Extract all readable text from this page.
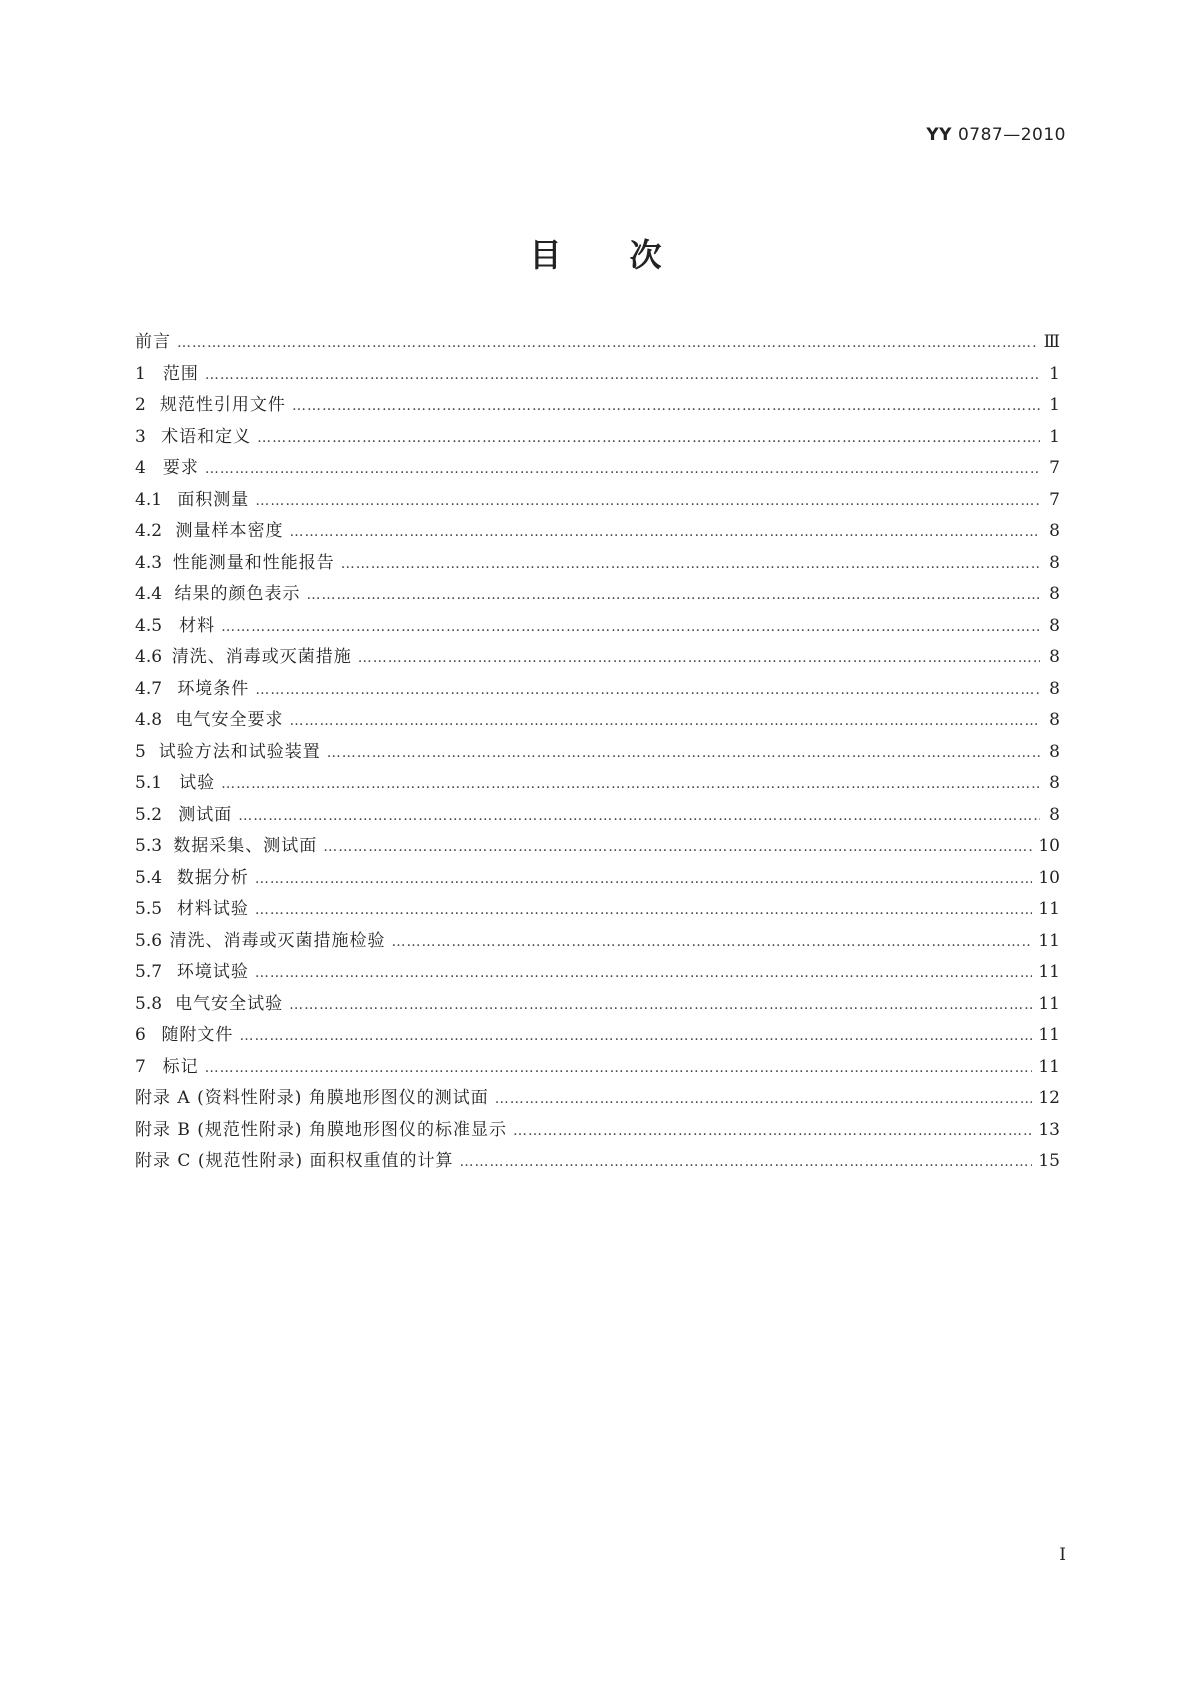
YY 0787—2010
目 次
前言 ……………………………………………………………………………………………………………………………………………………………………………………	Ⅲ
1	范围 ……………………………………………………………………………………………………………………………………………………………………………………	1
2 规范性引用文件 ……………………………………………………………………………………………………………………………………………………………………………………	1
3 术语和定义 ……………………………………………………………………………………………………………………………………………………………………………………	1
4	要求 ……………………………………………………………………………………………………………………………………………………………………………………	7
4.1 面积测量 ……………………………………………………………………………………………………………………………………………………………………………………	7
4.2 测量样本密度 ……………………………………………………………………………………………………………………………………………………………………………………	8
4.3 性能测量和性能报告 ……………………………………………………………………………………………………………………………………………………………………………………	8
4.4 结果的颜色表示 ……………………………………………………………………………………………………………………………………………………………………………………	8
4.5	材料 ……………………………………………………………………………………………………………………………………………………………………………………	8
4.6 清洗、消毒或灭菌措施 ……………………………………………………………………………………………………………………………………………………………………………………	8
4.7 环境条件 ……………………………………………………………………………………………………………………………………………………………………………………	8
4.8 电气安全要求 ……………………………………………………………………………………………………………………………………………………………………………………	8
5 试验方法和试验装置 ……………………………………………………………………………………………………………………………………………………………………………………	8
5.1	试验 ……………………………………………………………………………………………………………………………………………………………………………………	8
5.2 测试面 ……………………………………………………………………………………………………………………………………………………………………………………	8
5.3 数据采集、测试面 ……………………………………………………………………………………………………………………………………………………………………………………	10
5.4 数据分析 ……………………………………………………………………………………………………………………………………………………………………………………	10
5.5 材料试验 ……………………………………………………………………………………………………………………………………………………………………………………	11
5.6 清洗、消毒或灭菌措施检验 ……………………………………………………………………………………………………………………………………………………………………………………	11
5.7 环境试验 ……………………………………………………………………………………………………………………………………………………………………………………	11
5.8 电气安全试验 ……………………………………………………………………………………………………………………………………………………………………………………	11
6 随附文件 ……………………………………………………………………………………………………………………………………………………………………………………	11
7 标记 ……………………………………………………………………………………………………………………………………………………………………………………	11
附录 A (资料性附录) 角膜地形图仪的测试面 ……………………………………………………………………………………………………………………………………………………………………………………	12
附录 B (规范性附录) 角膜地形图仪的标准显示 ……………………………………………………………………………………………………………………………………………………………………………………	13
附录 C (规范性附录) 面积权重值的计算 ……………………………………………………………………………………………………………………………………………………………………………………	15
I
